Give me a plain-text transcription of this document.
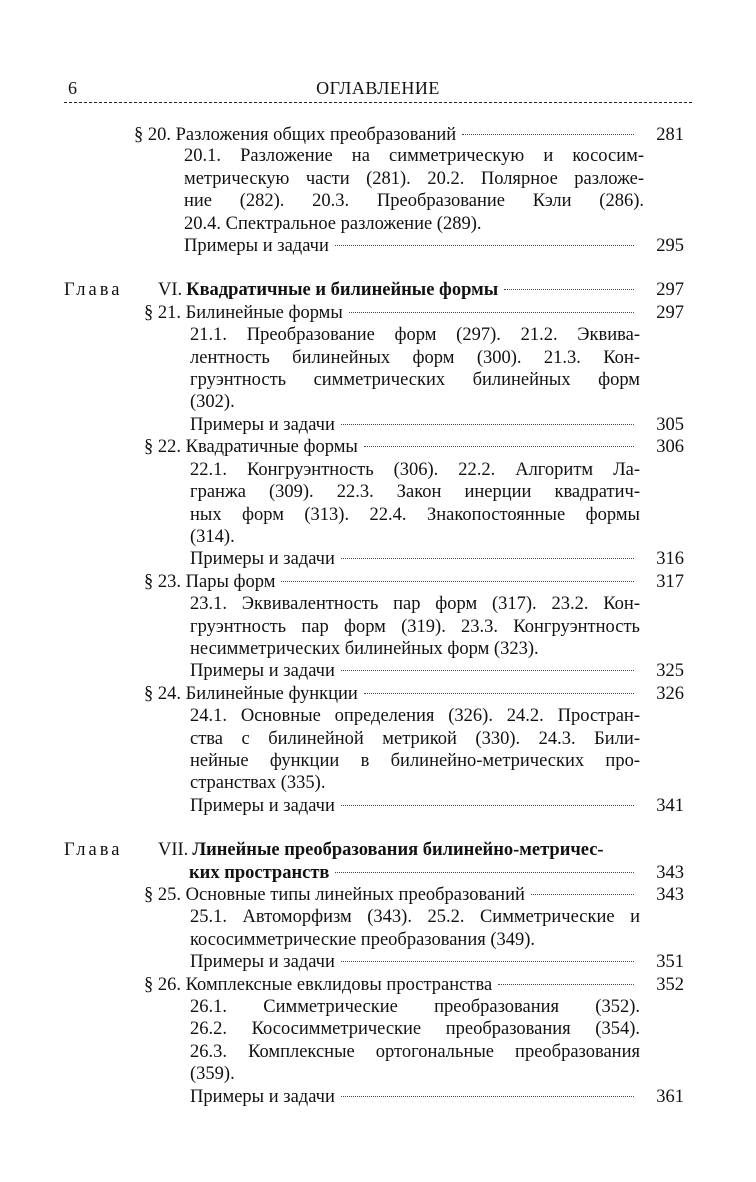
6	ОГЛАВЛЕНИЕ
§ 20. Разложения общих преобразований	281
20.1. Разложение на симметрическую и кососим-
метрическую части (281). 20.2. Полярное разложе-
ние (282). 20.3. Преобразование Кэли (286).
20.4. Спектральное разложение (289).
Примеры и задачи	295
Глава	VI. Квадратичные и билинейные формы	297
§ 21. Билинейные формы	297
21.1. Преобразование форм (297). 21.2. Эквива-
лентность билинейных форм (300). 21.3. Кон-
груэнтность симметрических билинейных форм
(302).
Примеры и задачи	305
§ 22. Квадратичные формы	306
22.1. Конгруэнтность (306). 22.2. Алгоритм Ла-
гранжа (309). 22.3. Закон инерции квадратич-
ных форм (313). 22.4. Знакопостоянные формы
(314).
Примеры и задачи	316
§ 23. Пары форм	317
23.1. Эквивалентность пар форм (317). 23.2. Кон-
груэнтность пар форм (319). 23.3. Конгруэнтность
несимметрических билинейных форм (323).
Примеры и задачи	325
§ 24. Билинейные функции	326
24.1. Основные определения (326). 24.2. Простран-
ства с билинейной метрикой (330). 24.3. Били-
нейные функции в билинейно-метрических про-
странствах (335).
Примеры и задачи	341
Глава	VII. Линейные преобразования билинейно-метричес-
ких пространств	343
§ 25. Основные типы линейных преобразований	343
25.1. Автоморфизм (343). 25.2. Симметрические и
кососимметрические преобразования (349).
Примеры и задачи	351
§ 26. Комплексные евклидовы пространства	352
26.1. Симметрические преобразования (352).
26.2. Кососимметрические преобразования (354).
26.3. Комплексные ортогональные преобразования
(359).
Примеры и задачи	361
